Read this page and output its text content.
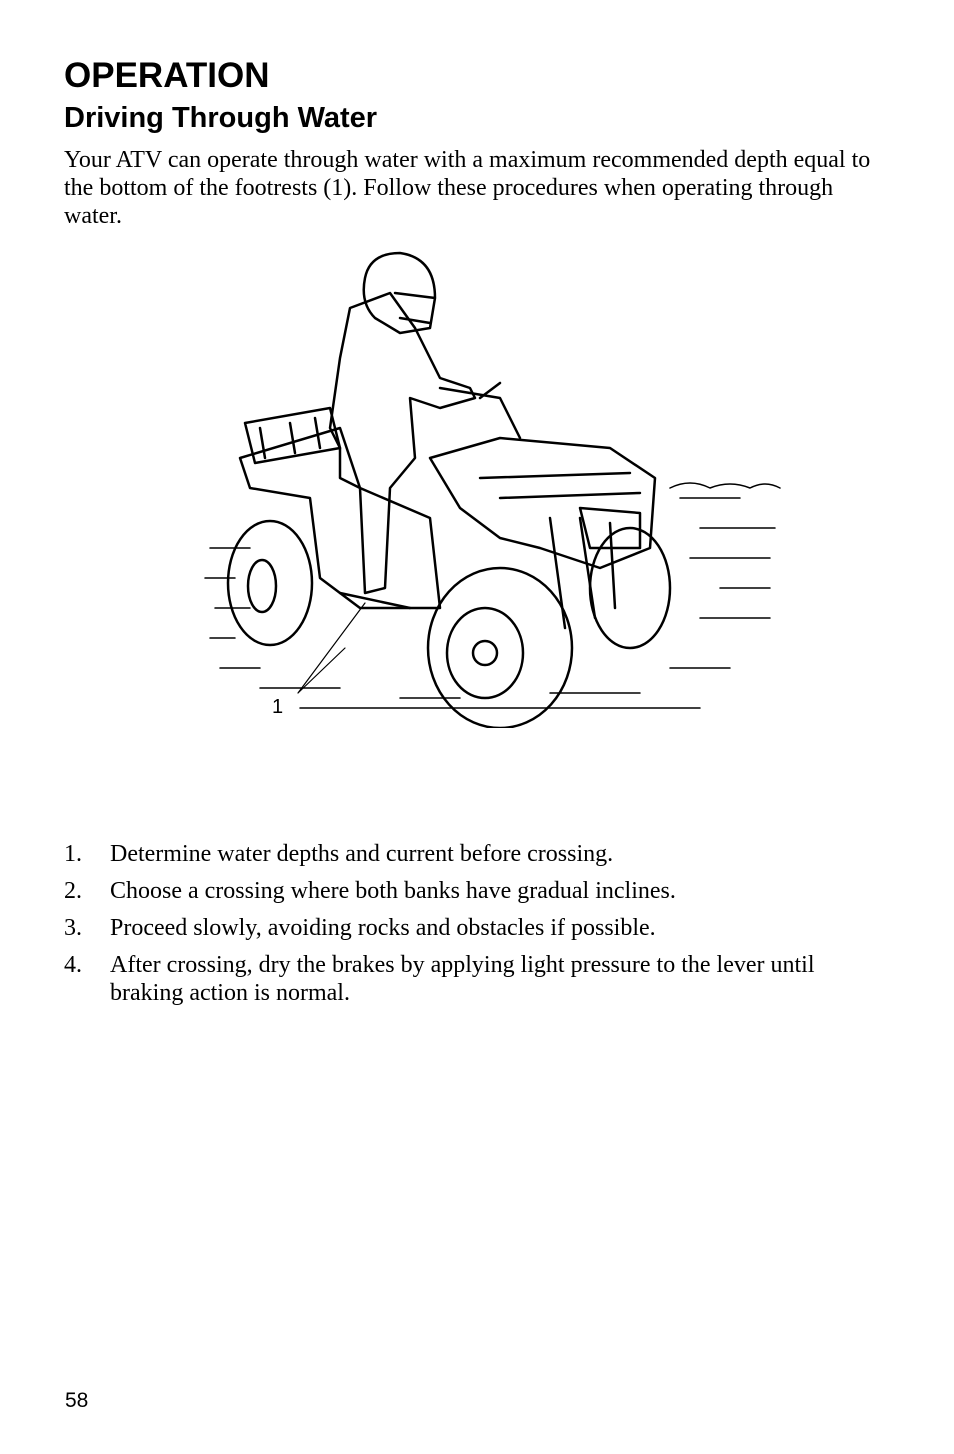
OPERATION
Driving Through Water
Your ATV can operate through water with a maximum recommended depth equal to the bottom of the footrests (1). Follow these procedures when operating through water.
1
1. Determine water depths and current before crossing.
2. Choose a crossing where both banks have gradual inclines.
3. Proceed slowly, avoiding rocks and obstacles if possible.
4. After crossing, dry the brakes by applying light pressure to the lever until braking action is normal.
58
